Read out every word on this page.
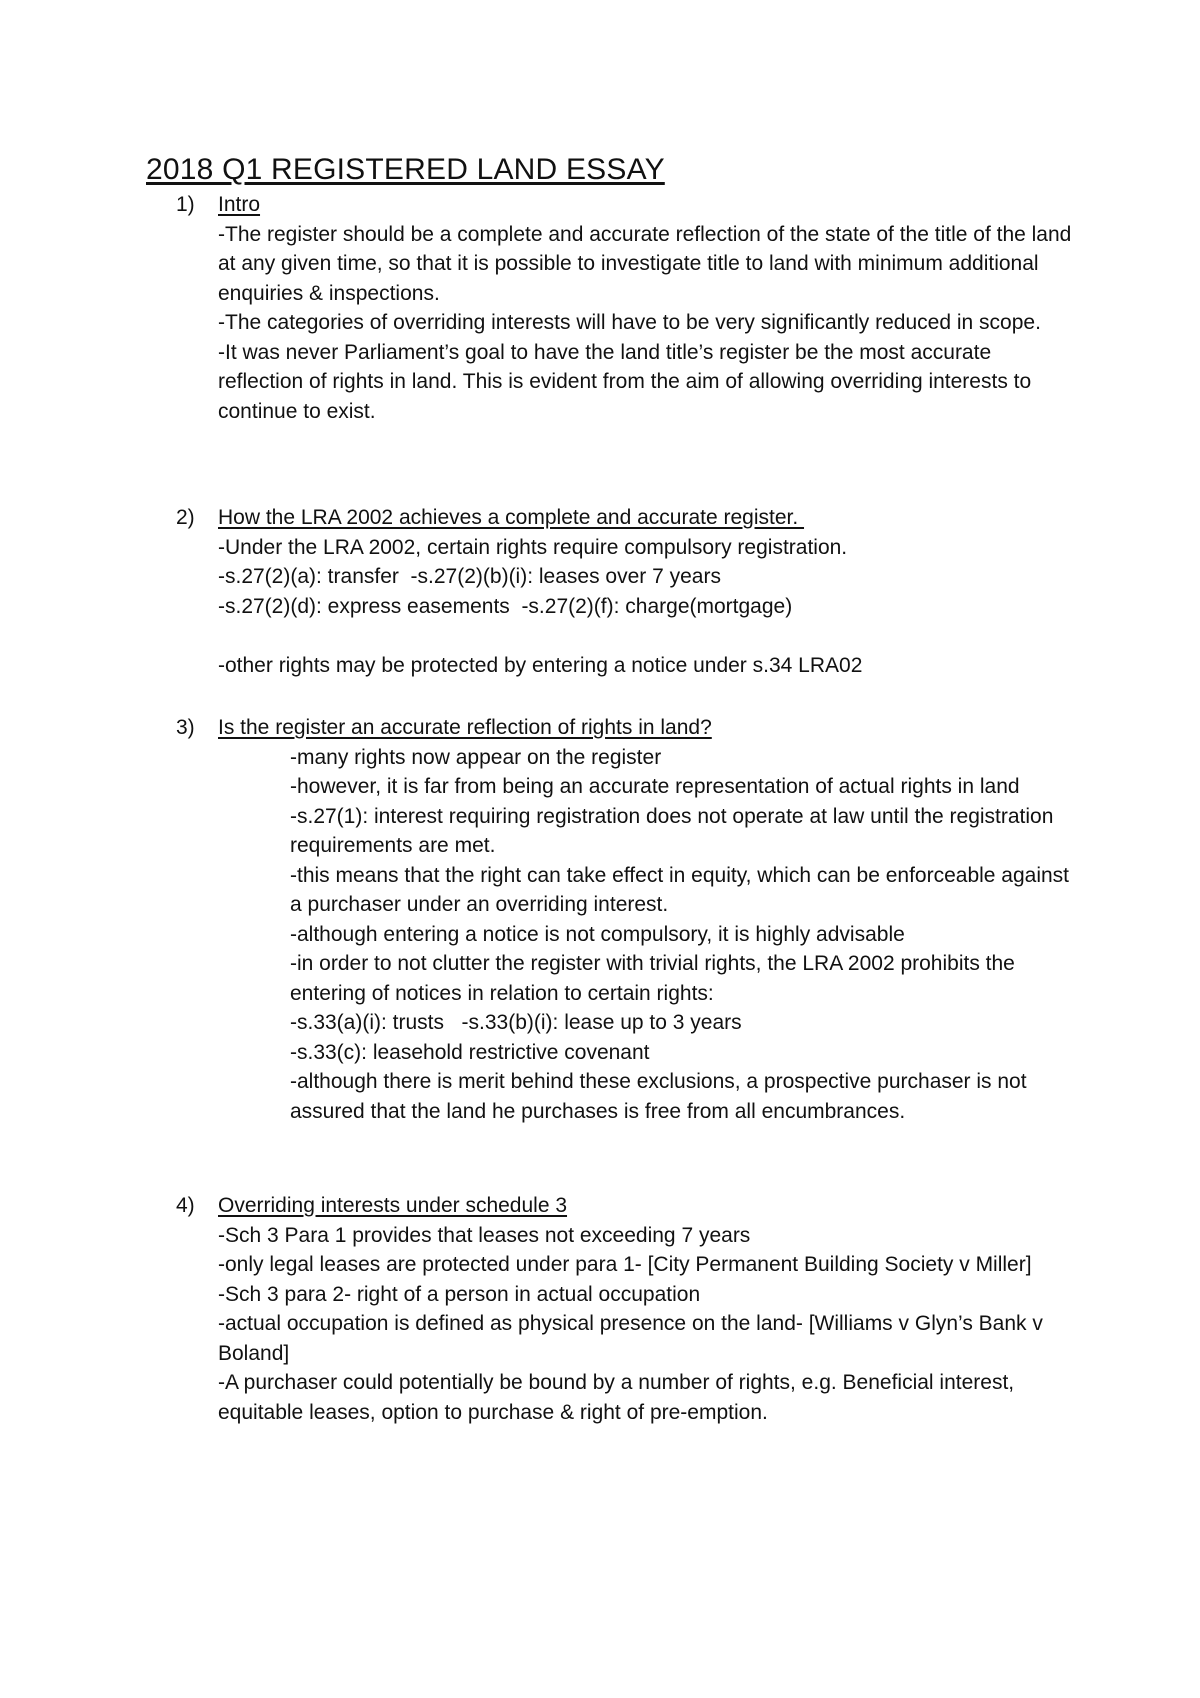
2018 Q1 REGISTERED LAND ESSAY
1) Intro
-The register should be a complete and accurate reflection of the state of the title of the land at any given time, so that it is possible to investigate title to land with minimum additional enquiries & inspections.
-The categories of overriding interests will have to be very significantly reduced in scope.
-It was never Parliament’s goal to have the land title’s register be the most accurate reflection of rights in land. This is evident from the aim of allowing overriding interests to continue to exist.
2) How the LRA 2002 achieves a complete and accurate register.
-Under the LRA 2002, certain rights require compulsory registration.
-s.27(2)(a): transfer  -s.27(2)(b)(i): leases over 7 years
-s.27(2)(d): express easements  -s.27(2)(f): charge(mortgage)
-other rights may be protected by entering a notice under s.34 LRA02
3) Is the register an accurate reflection of rights in land?
-many rights now appear on the register
-however, it is far from being an accurate representation of actual rights in land
-s.27(1): interest requiring registration does not operate at law until the registration requirements are met.
-this means that the right can take effect in equity, which can be enforceable against a purchaser under an overriding interest.
-although entering a notice is not compulsory, it is highly advisable
-in order to not clutter the register with trivial rights, the LRA 2002 prohibits the entering of notices in relation to certain rights:
-s.33(a)(i): trusts   -s.33(b)(i): lease up to 3 years
-s.33(c): leasehold restrictive covenant
-although there is merit behind these exclusions, a prospective purchaser is not assured that the land he purchases is free from all encumbrances.
4) Overriding interests under schedule 3
-Sch 3 Para 1 provides that leases not exceeding 7 years
-only legal leases are protected under para 1- [City Permanent Building Society v Miller]
-Sch 3 para 2- right of a person in actual occupation
-actual occupation is defined as physical presence on the land- [Williams v Glyn’s Bank v Boland]
-A purchaser could potentially be bound by a number of rights, e.g. Beneficial interest, equitable leases, option to purchase & right of pre-emption.
